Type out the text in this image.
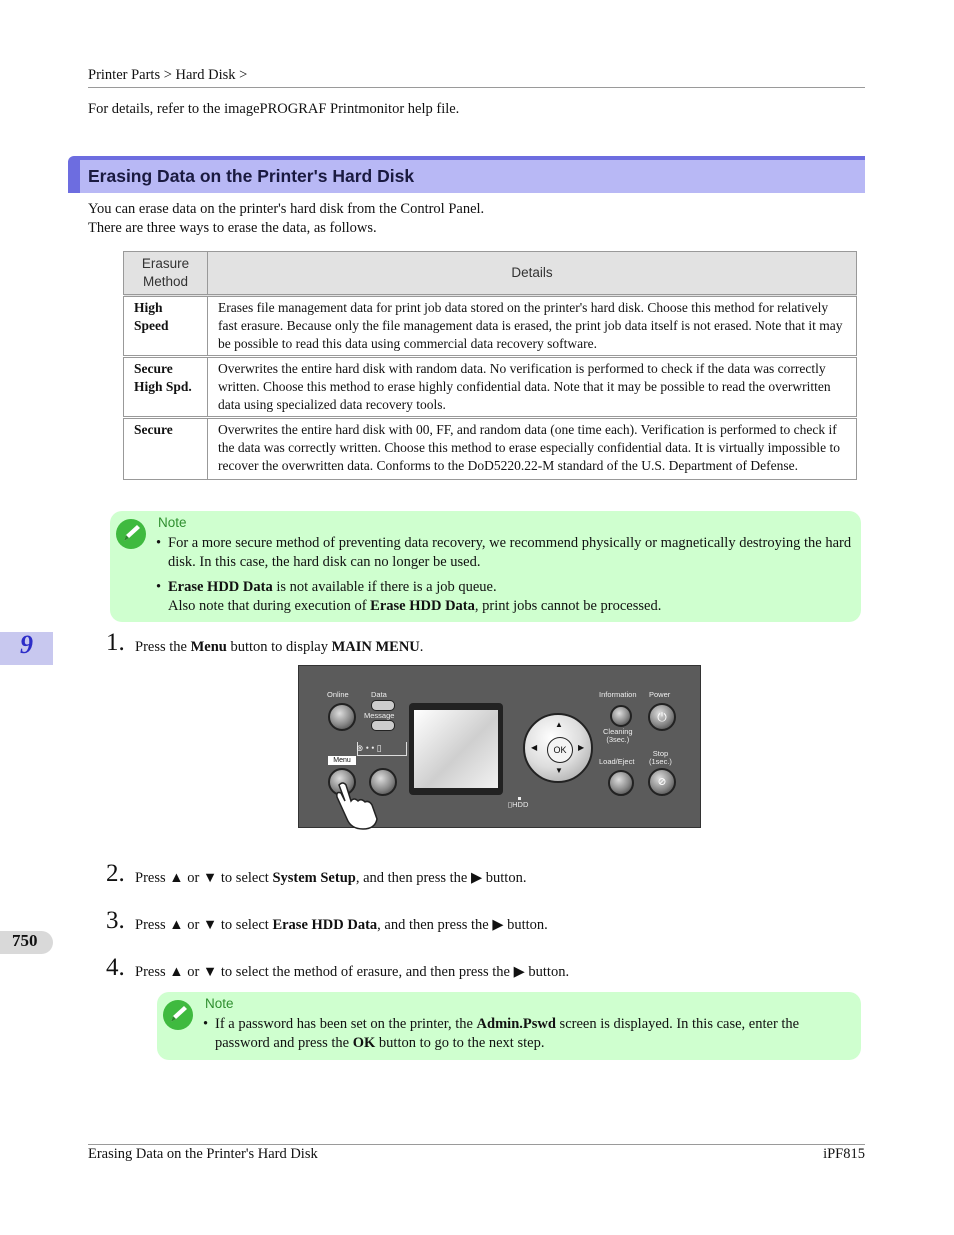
Printer Parts > Hard Disk >
For details, refer to the imagePROGRAF Printmonitor help file.
Erasing Data on the Printer's Hard Disk
You can erase data on the printer's hard disk from the Control Panel.
There are three ways to erase the data, as follows.
Erasure Method	Details
High Speed	Erases file management data for print job data stored on the printer's hard disk. Choose this method for relatively fast erasure. Because only the file management data is erased, the print job data itself is not erased. Note that it may be possible to read this data using commercial data recovery software.
Secure High Spd.	Overwrites the entire hard disk with random data. No verification is performed to check if the data was correctly written. Choose this method to erase highly confidential data. Note that it may be possible to read the overwritten data using specialized data recovery tools.
Secure	Overwrites the entire hard disk with 00, FF, and random data (one time each). Verification is performed to check if the data was correctly written. Choose this method to erase especially confidential data. It is virtually impossible to recover the overwritten data. Conforms to the DoD5220.22-M standard of the U.S. Department of Defense.
Note
• For a more secure method of preventing data recovery, we recommend physically or magnetically destroying the hard disk. In this case, the hard disk can no longer be used.
• Erase HDD Data is not available if there is a job queue.
Also note that during execution of Erase HDD Data, print jobs cannot be processed.
9	1. Press the Menu button to display MAIN MENU.
Online	Data
Message
⊚ • • ▯
Menu
▯HDD
OK
▲
▼
◀	▶
Information Power
⏻
Cleaning
(3sec.)
Stop
(1sec.)
Load/Eject
⊘
2. Press ▲ or ▼ to select System Setup, and then press the ▶ button.
3. Press ▲ or ▼ to select Erase HDD Data, and then press the ▶ button.
750
4. Press ▲ or ▼ to select the method of erasure, and then press the ▶ button.
Note
• If a password has been set on the printer, the Admin.Pswd screen is displayed. In this case, enter the password and press the OK button to go to the next step.
Erasing Data on the Printer's Hard Disk	iPF815
